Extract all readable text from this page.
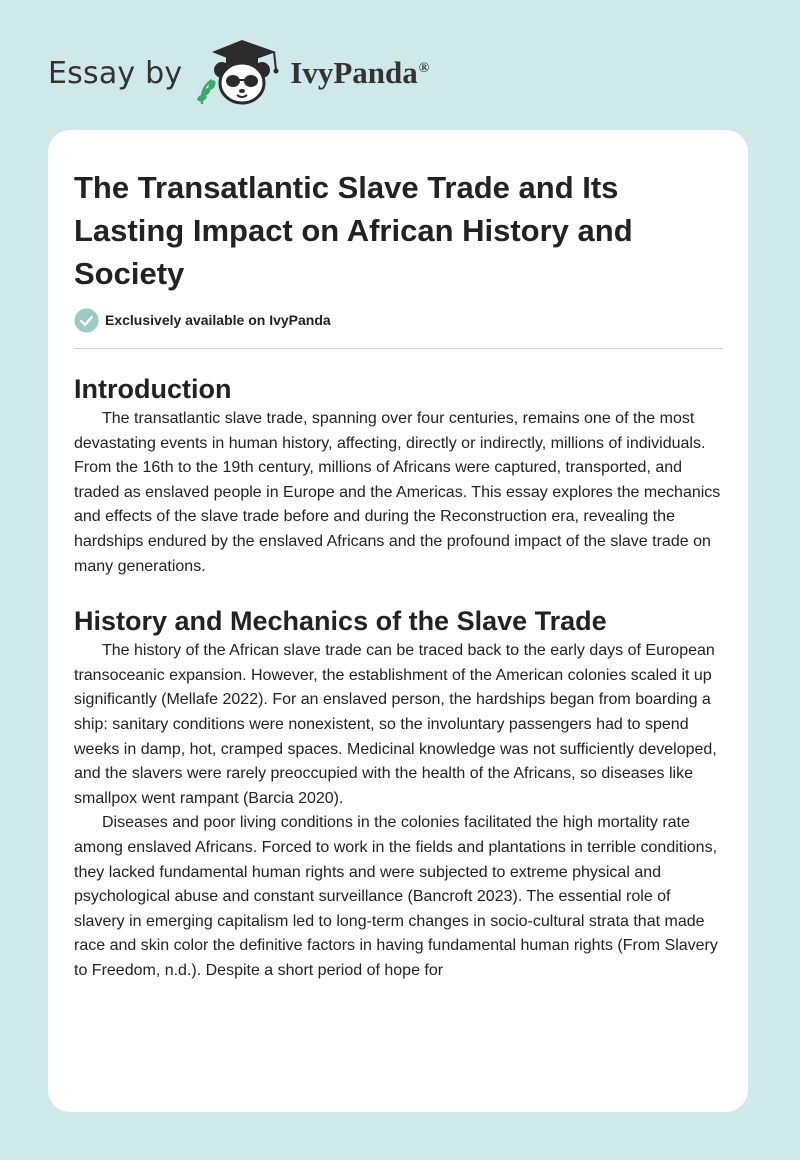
Essay by	IvyPanda®
The Transatlantic Slave Trade and Its Lasting Impact on African History and Society
Exclusively available on IvyPanda
Introduction

The transatlantic slave trade, spanning over four centuries, remains one of the most devastating events in human history, affecting, directly or indirectly, millions of individuals. From the 16th to the 19th century, millions of Africans were captured, transported, and traded as enslaved people in Europe and the Americas. This essay explores the mechanics and effects of the slave trade before and during the Reconstruction era, revealing the hardships endured by the enslaved Africans and the profound impact of the slave trade on many generations.

History and Mechanics of the Slave Trade

The history of the African slave trade can be traced back to the early days of European transoceanic expansion. However, the establishment of the American colonies scaled it up significantly (Mellafe 2022). For an enslaved person, the hardships began from boarding a ship: sanitary conditions were nonexistent, so the involuntary passengers had to spend weeks in damp, hot, cramped spaces. Medicinal knowledge was not sufficiently developed, and the slavers were rarely preoccupied with the health of the Africans, so diseases like smallpox went rampant (Barcia 2020).

Diseases and poor living conditions in the colonies facilitated the high mortality rate among enslaved Africans. Forced to work in the fields and plantations in terrible conditions, they lacked fundamental human rights and were subjected to extreme physical and psychological abuse and constant surveillance (Bancroft 2023). The essential role of slavery in emerging capitalism led to long-term changes in socio-cultural strata that made race and skin color the definitive factors in having fundamental human rights (From Slavery to Freedom, n.d.). Despite a short period of hope for
